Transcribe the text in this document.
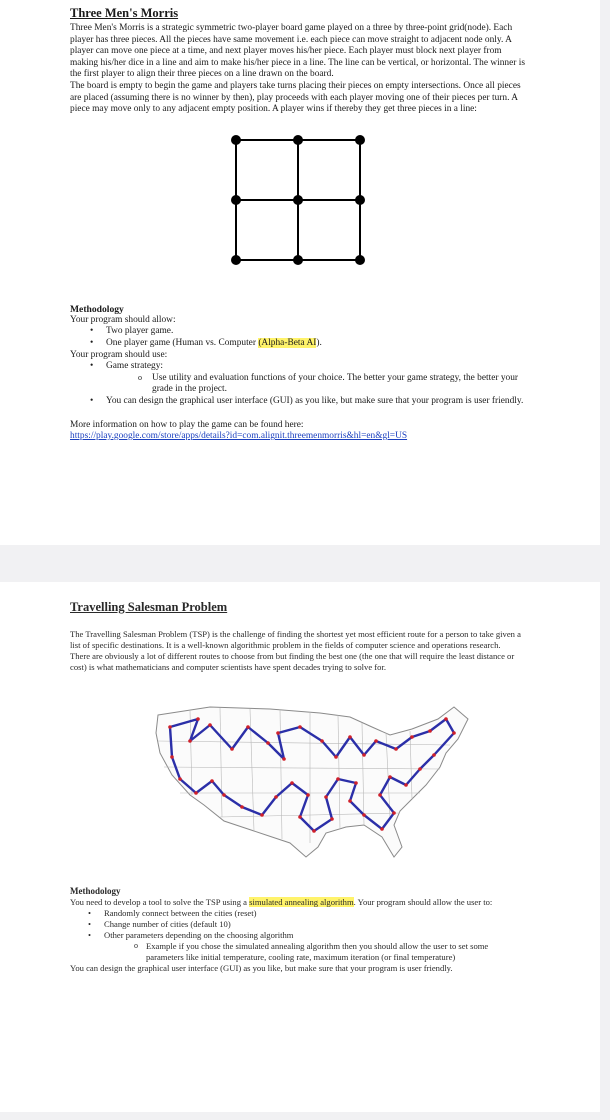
Three Men's Morris

Three Men's Morris is a strategic symmetric two-player board game played on a three by three-point grid(node). Each player has three pieces. All the pieces have same movement i.e. each piece can move straight to adjacent node only. A player can move one piece at a time, and next player moves his/her piece. Each player must block next player from making his/her dice in a line and aim to make his/her piece in a line. The line can be vertical, or horizontal. The winner is the first player to align their three pieces on a line drawn on the board.

The board is empty to begin the game and players take turns placing their pieces on empty intersections. Once all pieces are placed (assuming there is no winner by then), play proceeds with each player moving one of their pieces per turn. A piece may move only to any adjacent empty position. A player wins if thereby they get three pieces in a line:

Methodology
Your program should allow:
• Two player game.
• One player game (Human vs. Computer (Alpha-Beta AI).
Your program should use:
• Game strategy:
o Use utility and evaluation functions of your choice. The better your game strategy, the better your grade in the project.
• You can design the graphical user interface (GUI) as you like, but make sure that your program is user friendly.
More information on how to play the game can be found here:
https://play.google.com/store/apps/details?id=com.alignit.threemenmorris&hl=en&gl=US
Travelling Salesman Problem

The Travelling Salesman Problem (TSP) is the challenge of finding the shortest yet most efficient route for a person to take given a list of specific destinations. It is a well-known algorithmic problem in the fields of computer science and operations research.

There are obviously a lot of different routes to choose from but finding the best one (the one that will require the least distance or cost) is what mathematicians and computer scientists have spent decades trying to solve for.

Methodology
You need to develop a tool to solve the TSP using a simulated annealing algorithm. Your program should allow the user to:
• Randomly connect between the cities (reset)
• Change number of cities (default 10)
• Other parameters depending on the choosing algorithm
o Example if you chose the simulated annealing algorithm then you should allow the user to set some parameters like initial temperature, cooling rate, maximum iteration (or final temperature)
You can design the graphical user interface (GUI) as you like, but make sure that your program is user friendly.
